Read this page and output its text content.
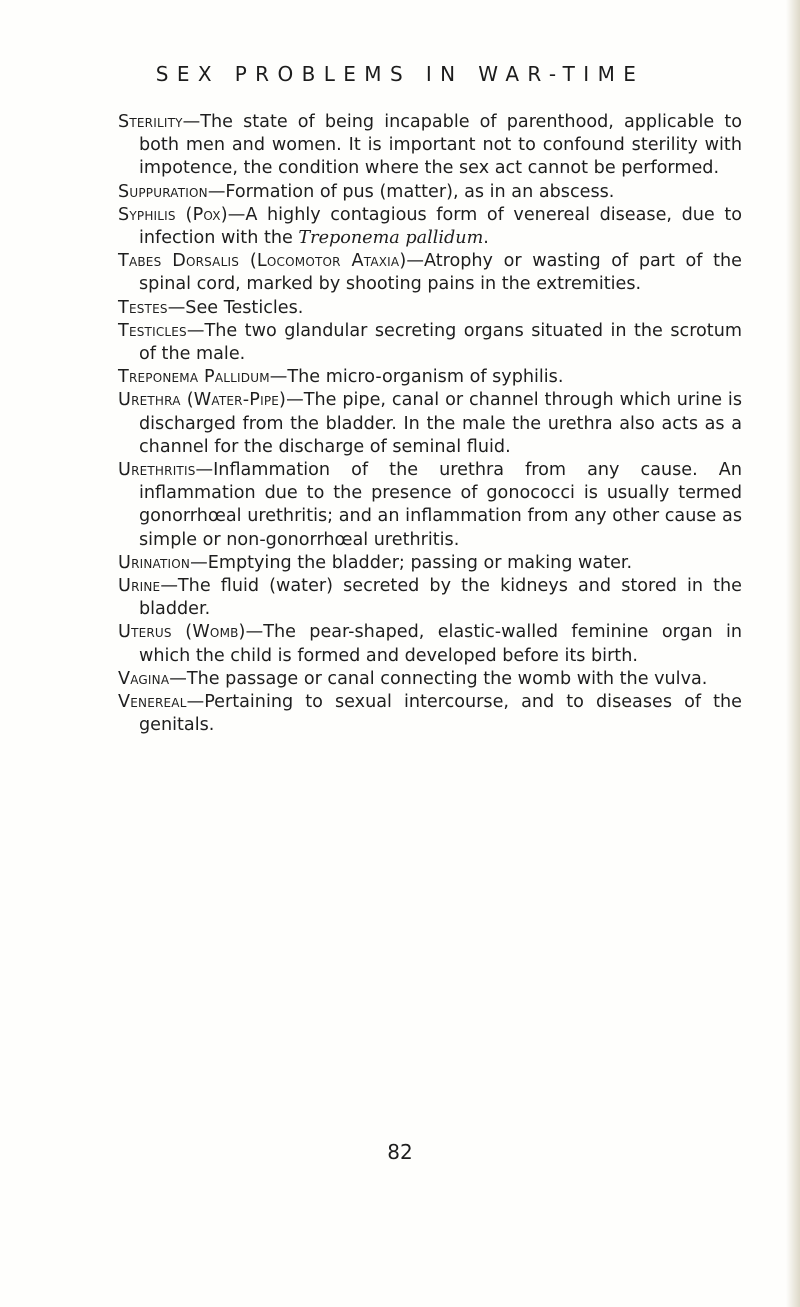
SEX PROBLEMS IN WAR-TIME

Sterility—The state of being incapable of parenthood, applicable to both men and women. It is important not to confound sterility with impotence, the condition where the sex act cannot be performed.

Suppuration—Formation of pus (matter), as in an abscess.

Syphilis (Pox)—A highly contagious form of venereal disease, due to infection with the Treponema pallidum.

Tabes Dorsalis (Locomotor Ataxia)—Atrophy or wasting of part of the spinal cord, marked by shooting pains in the extremities.

Testes—See Testicles.

Testicles—The two glandular secreting organs situated in the scrotum of the male.

Treponema Pallidum—The micro-organism of syphilis.

Urethra (Water-Pipe)—The pipe, canal or channel through which urine is discharged from the bladder. In the male the urethra also acts as a channel for the discharge of seminal fluid.

Urethritis—Inflammation of the urethra from any cause. An inflammation due to the presence of gonococci is usually termed gonorrhœal urethritis; and an inflammation from any other cause as simple or non-gonorrhœal urethritis.

Urination—Emptying the bladder; passing or making water.

Urine—The fluid (water) secreted by the kidneys and stored in the bladder.

Uterus (Womb)—The pear-shaped, elastic-walled feminine organ in which the child is formed and developed before its birth.

Vagina—The passage or canal connecting the womb with the vulva.

Venereal—Pertaining to sexual intercourse, and to diseases of the genitals.

82
